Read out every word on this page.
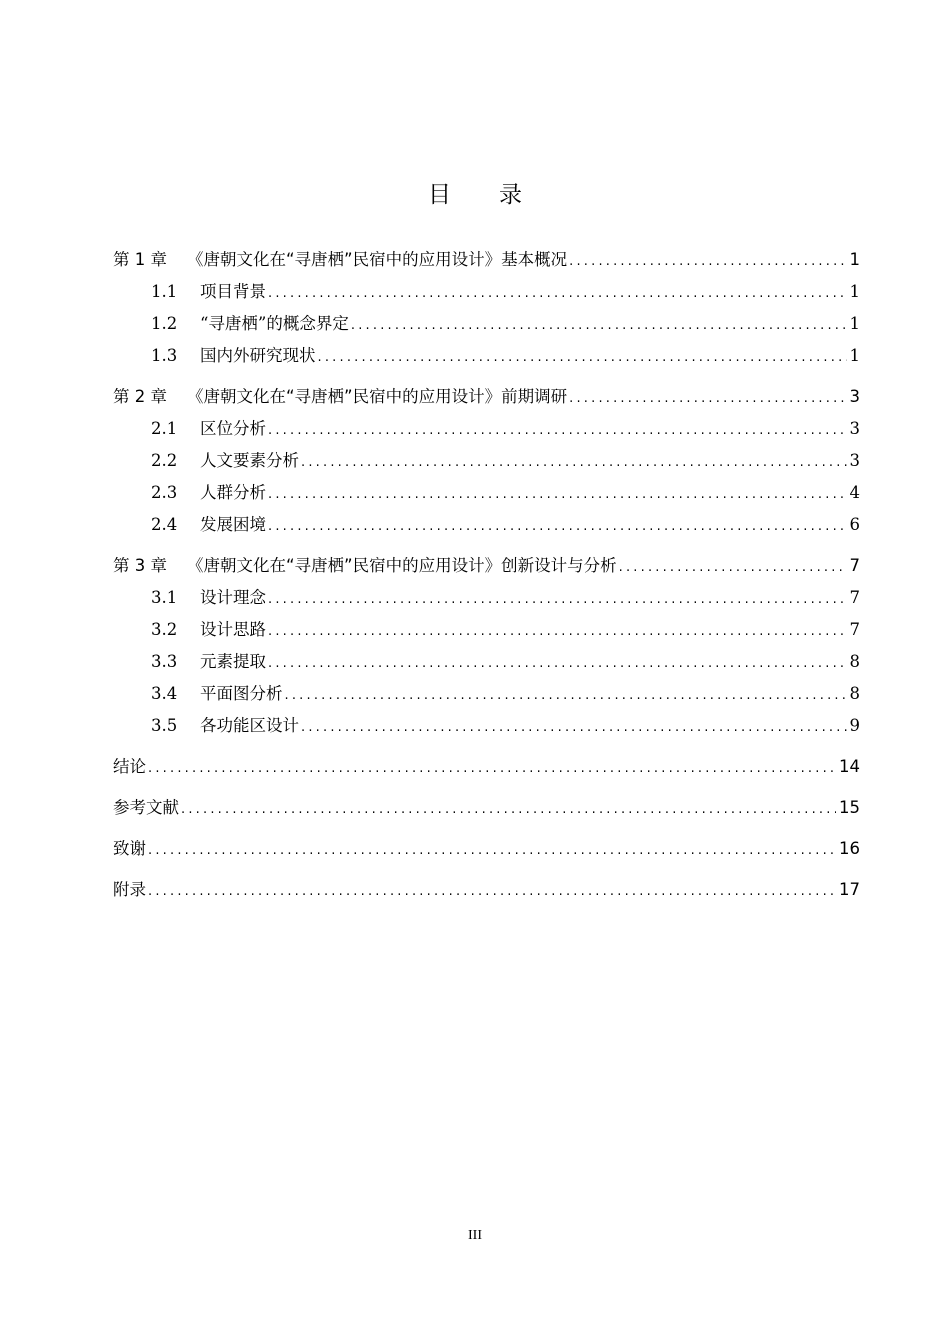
目 录
第 1 章 《唐朝文化在“寻唐栖”民宿中的应用设计》基本概况 .....	1
1.1	项目背景 .....	1
1.2	“寻唐栖”的概念界定 .....	1
1.3	国内外研究现状 .....	1
第 2 章 《唐朝文化在“寻唐栖”民宿中的应用设计》前期调研 .....	3
2.1	区位分析 .....	3
2.2	人文要素分析 .....	3
2.3	人群分析 .....	4
2.4	发展困境 .....	6
第 3 章 《唐朝文化在“寻唐栖”民宿中的应用设计》创新设计与分析 .....	7
3.1	设计理念 .....	7
3.2	设计思路 .....	7
3.3	元素提取 .....	8
3.4	平面图分析 .....	8
3.5	各功能区设计 .....	9
结论 .....	14
参考文献 .....	15
致谢 .....	16
附录 .....	17
III
